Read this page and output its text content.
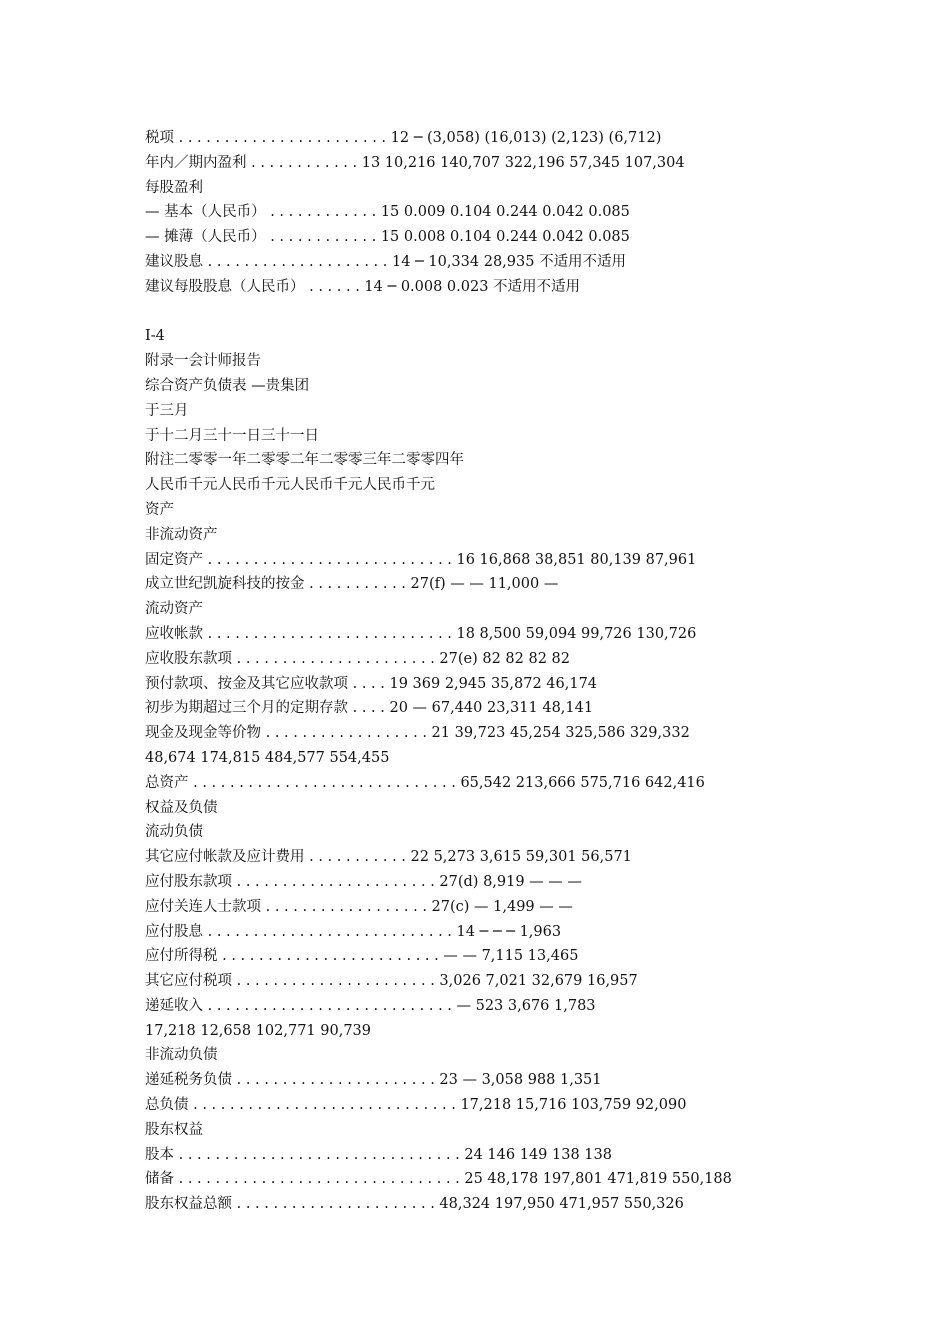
税项 . . . . . . . . . . . . . . . . . . . . . . . 12 ─ (3,058) (16,013) (2,123) (6,712)
年内／期内盈利 . . . . . . . . . . . . 13 10,216 140,707 322,196 57,345 107,304
每股盈利
— 基本（人民币） . . . . . . . . . . . . 15 0.009 0.104 0.244 0.042 0.085
— 摊薄（人民币） . . . . . . . . . . . . 15 0.008 0.104 0.244 0.042 0.085
建议股息 . . . . . . . . . . . . . . . . . . . . 14 ─ 10,334 28,935 不适用不适用
建议每股股息（人民币） . . . . . . 14 ─ 0.008 0.023 不适用不适用
I-4
附录一会计师报告
综合资产负债表 —贵集团
于三月
于十二月三十一日三十一日
附注二零零一年二零零二年二零零三年二零零四年
人民币千元人民币千元人民币千元人民币千元
资产
非流动资产
固定资产 . . . . . . . . . . . . . . . . . . . . . . . . . . . 16 16,868 38,851 80,139 87,961
成立世纪凯旋科技的按金 . . . . . . . . . . . 27(f) — — 11,000 —
流动资产
应收帐款 . . . . . . . . . . . . . . . . . . . . . . . . . . . 18 8,500 59,094 99,726 130,726
应收股东款项 . . . . . . . . . . . . . . . . . . . . . . 27(e) 82 82 82 82
预付款项、按金及其它应收款项 . . . . 19 369 2,945 35,872 46,174
初步为期超过三个月的定期存款 . . . . 20 — 67,440 23,311 48,141
现金及现金等价物 . . . . . . . . . . . . . . . . . . 21 39,723 45,254 325,586 329,332
48,674 174,815 484,577 554,455
总资产 . . . . . . . . . . . . . . . . . . . . . . . . . . . . . 65,542 213,666 575,716 642,416
权益及负债
流动负债
其它应付帐款及应计费用 . . . . . . . . . . . 22 5,273 3,615 59,301 56,571
应付股东款项 . . . . . . . . . . . . . . . . . . . . . . 27(d) 8,919 — — —
应付关连人士款项 . . . . . . . . . . . . . . . . . . 27(c) — 1,499 — —
应付股息 . . . . . . . . . . . . . . . . . . . . . . . . . . . 14 ─ ─ ─ 1,963
应付所得税 . . . . . . . . . . . . . . . . . . . . . . . . — — 7,115 13,465
其它应付税项 . . . . . . . . . . . . . . . . . . . . . . 3,026 7,021 32,679 16,957
递延收入 . . . . . . . . . . . . . . . . . . . . . . . . . . . — 523 3,676 1,783
17,218 12,658 102,771 90,739
非流动负债
递延税务负债 . . . . . . . . . . . . . . . . . . . . . . 23 — 3,058 988 1,351
总负债 . . . . . . . . . . . . . . . . . . . . . . . . . . . . . 17,218 15,716 103,759 92,090
股东权益
股本 . . . . . . . . . . . . . . . . . . . . . . . . . . . . . . . 24 146 149 138 138
储备 . . . . . . . . . . . . . . . . . . . . . . . . . . . . . . . 25 48,178 197,801 471,819 550,188
股东权益总额 . . . . . . . . . . . . . . . . . . . . . . 48,324 197,950 471,957 550,326
